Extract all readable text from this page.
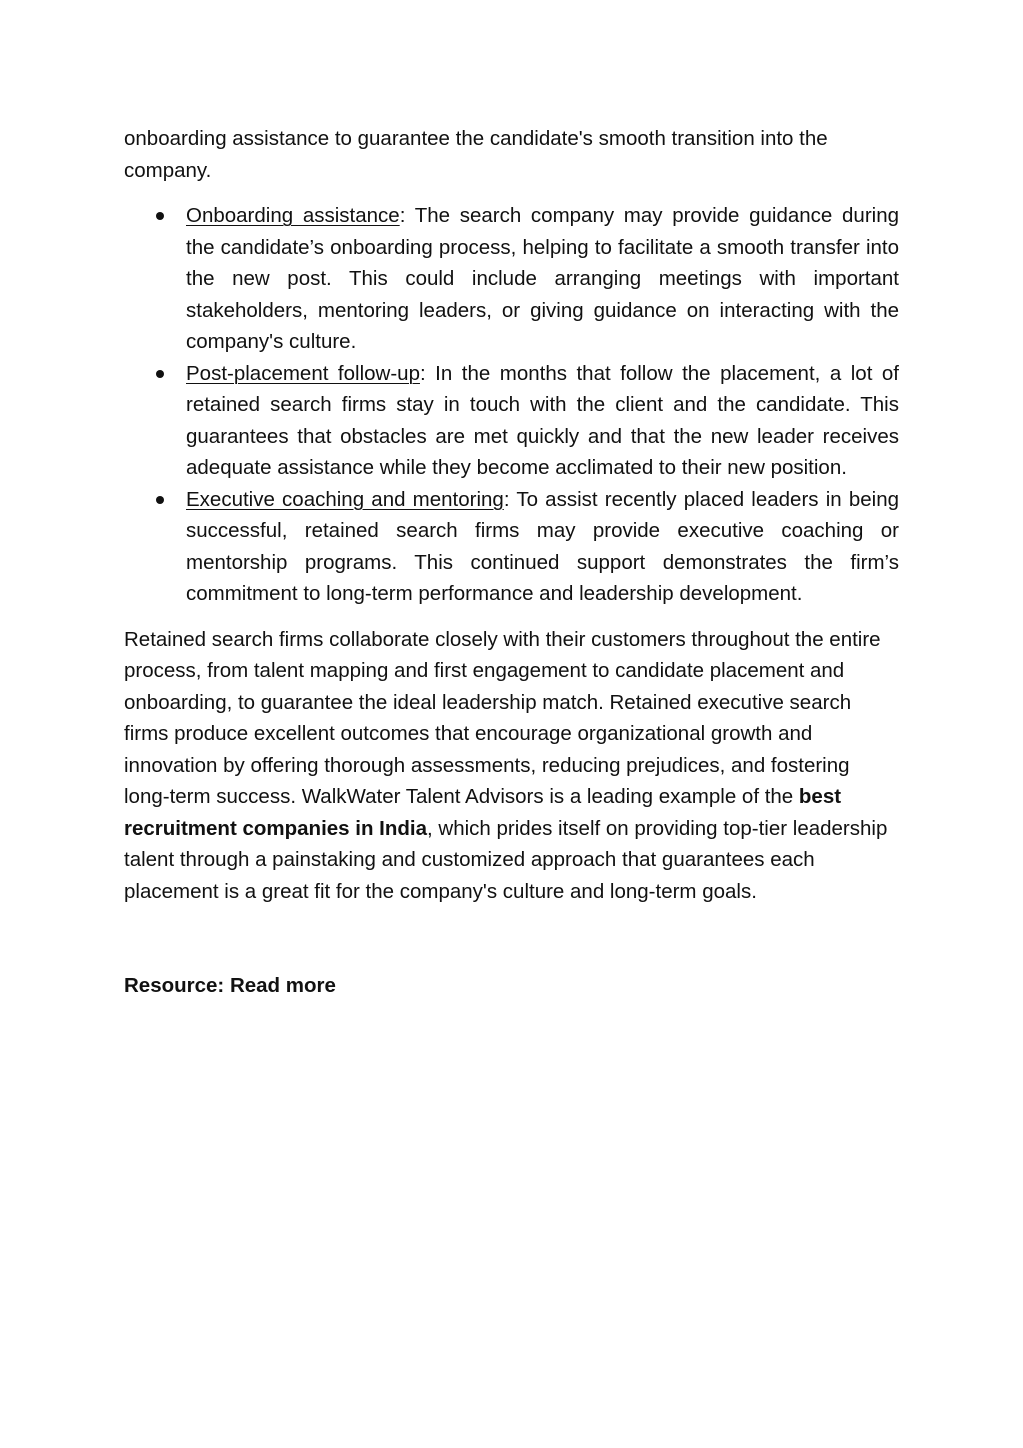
onboarding assistance to guarantee the candidate's smooth transition into the company.

Onboarding assistance: The search company may provide guidance during the candidate’s onboarding process, helping to facilitate a smooth transfer into the new post. This could include arranging meetings with important stakeholders, mentoring leaders, or giving guidance on interacting with the company's culture.
Post-placement follow-up: In the months that follow the placement, a lot of retained search firms stay in touch with the client and the candidate. This guarantees that obstacles are met quickly and that the new leader receives adequate assistance while they become acclimated to their new position.
Executive coaching and mentoring: To assist recently placed leaders in being successful, retained search firms may provide executive coaching or mentorship programs. This continued support demonstrates the firm’s commitment to long-term performance and leadership development.

Retained search firms collaborate closely with their customers throughout the entire process, from talent mapping and first engagement to candidate placement and onboarding, to guarantee the ideal leadership match. Retained executive search firms produce excellent outcomes that encourage organizational growth and innovation by offering thorough assessments, reducing prejudices, and fostering long-term success. WalkWater Talent Advisors is a leading example of the best recruitment companies in India, which prides itself on providing top-tier leadership talent through a painstaking and customized approach that guarantees each placement is a great fit for the company's culture and long-term goals.

Resource: Read more
